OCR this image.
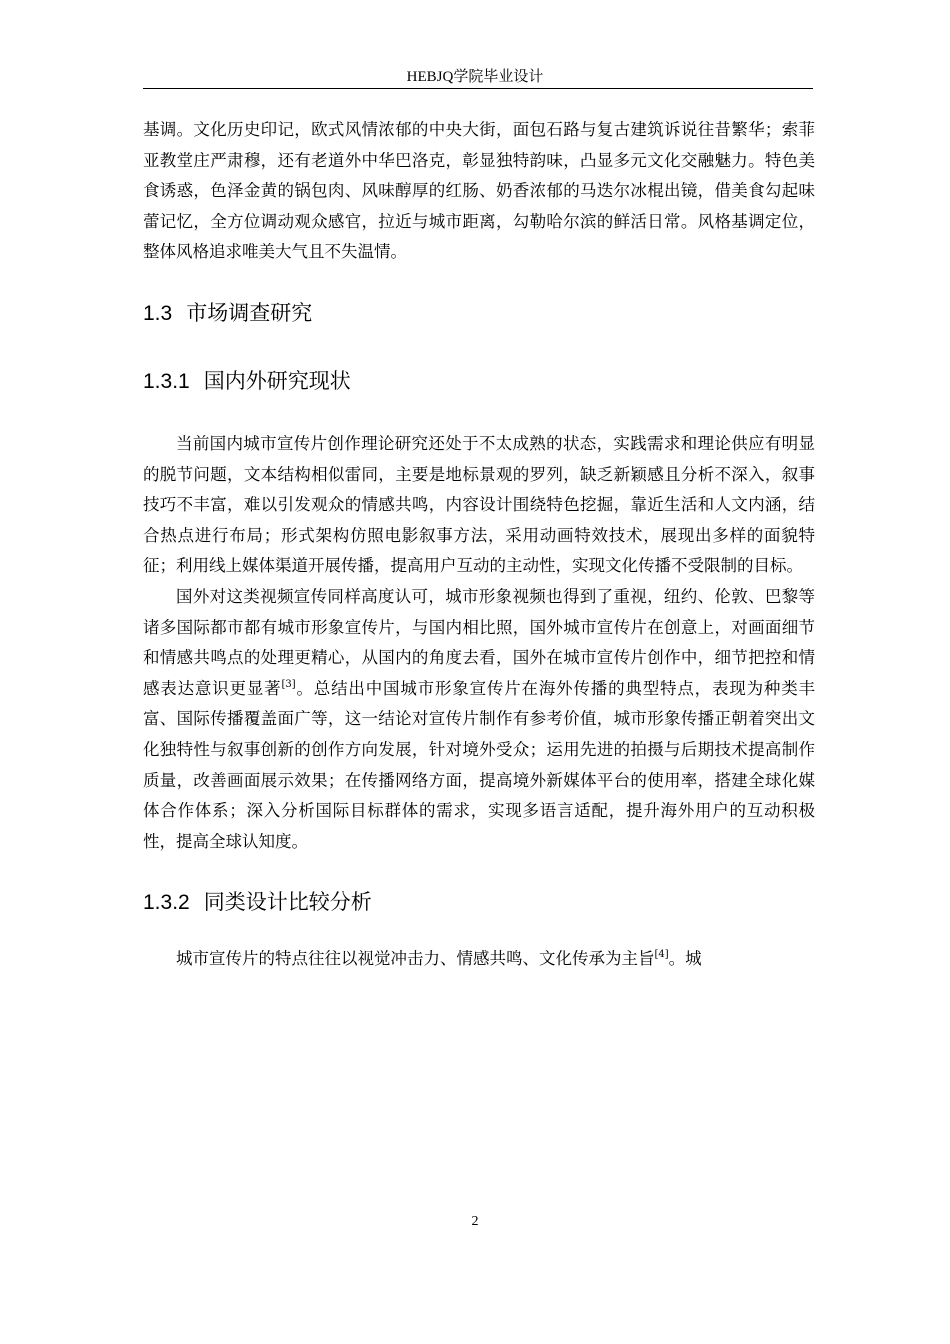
HEBJQ学院毕业设计

基调。文化历史印记，欧式风情浓郁的中央大街，面包石路与复古建筑诉说往昔繁华；索菲亚教堂庄严肃穆，还有老道外中华巴洛克，彰显独特韵味，凸显多元文化交融魅力。特色美食诱惑，色泽金黄的锅包肉、风味醇厚的红肠、奶香浓郁的马迭尔冰棍出镜，借美食勾起味蕾记忆，全方位调动观众感官，拉近与城市距离，勾勒哈尔滨的鲜活日常。风格基调定位，整体风格追求唯美大气且不失温情。

1.3 市场调查研究
1.3.1 国内外研究现状

当前国内城市宣传片创作理论研究还处于不太成熟的状态，实践需求和理论供应有明显的脱节问题，文本结构相似雷同，主要是地标景观的罗列，缺乏新颖感且分析不深入，叙事技巧不丰富，难以引发观众的情感共鸣，内容设计围绕特色挖掘，靠近生活和人文内涵，结合热点进行布局；形式架构仿照电影叙事方法，采用动画特效技术，展现出多样的面貌特征；利用线上媒体渠道开展传播，提高用户互动的主动性，实现文化传播不受限制的目标。

国外对这类视频宣传同样高度认可，城市形象视频也得到了重视，纽约、伦敦、巴黎等诸多国际都市都有城市形象宣传片，与国内相比照，国外城市宣传片在创意上，对画面细节和情感共鸣点的处理更精心，从国内的角度去看，国外在城市宣传片创作中，细节把控和情感表达意识更显著[3]。总结出中国城市形象宣传片在海外传播的典型特点，表现为种类丰富、国际传播覆盖面广等，这一结论对宣传片制作有参考价值，城市形象传播正朝着突出文化独特性与叙事创新的创作方向发展，针对境外受众；运用先进的拍摄与后期技术提高制作质量，改善画面展示效果；在传播网络方面，提高境外新媒体平台的使用率，搭建全球化媒体合作体系；深入分析国际目标群体的需求，实现多语言适配，提升海外用户的互动积极性，提高全球认知度。

1.3.2 同类设计比较分析

城市宣传片的特点往往以视觉冲击力、情感共鸣、文化传承为主旨[4]。城

2
